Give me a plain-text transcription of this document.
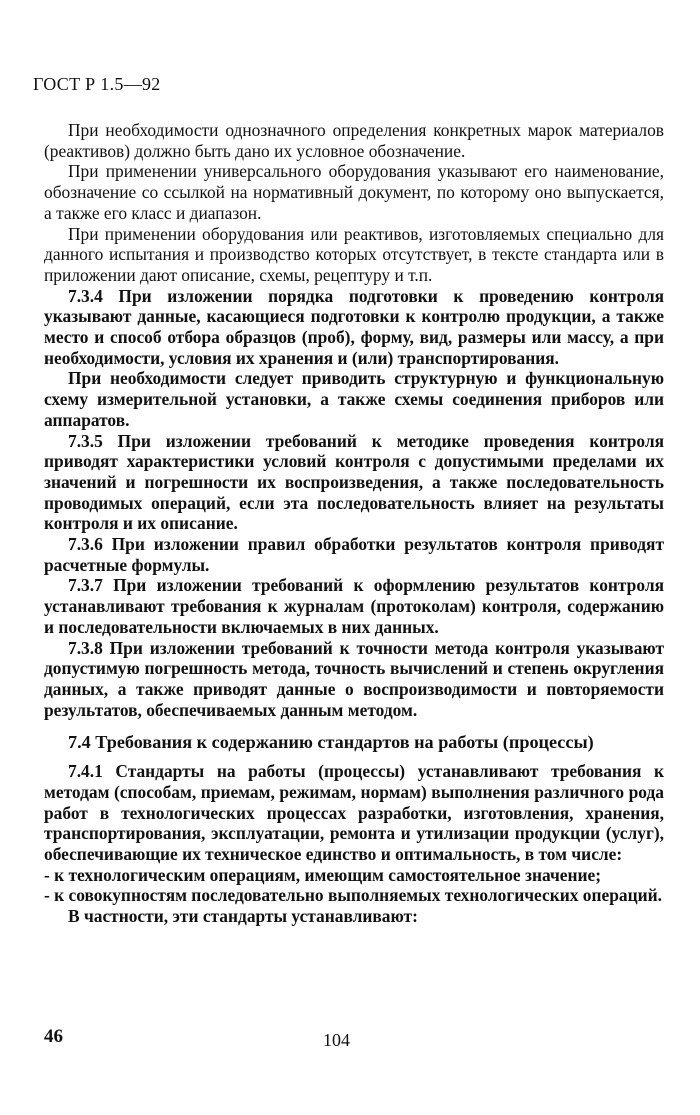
ГОСТ Р 1.5—92

При необходимости однозначного определения конкретных марок материалов (реактивов) должно быть дано их условное обозначение.

При применении универсального оборудования указывают его наименование, обозначение со ссылкой на нормативный документ, по которому оно выпускается, а также его класс и диапазон.

При применении оборудования или реактивов, изготовляемых специально для данного испытания и производство которых отсутствует, в тексте стандарта или в приложении дают описание, схемы, рецептуру и т.п.

7.3.4 При изложении порядка подготовки к проведению контроля указывают данные, касающиеся подготовки к контролю продукции, а также место и способ отбора образцов (проб), форму, вид, размеры или массу, а при необходимости, условия их хранения и (или) транспортирования.

При необходимости следует приводить структурную и функциональную схему измерительной установки, а также схемы соединения приборов или аппаратов.

7.3.5 При изложении требований к методике проведения контроля приводят характеристики условий контроля с допустимыми пределами их значений и погрешности их воспроизведения, а также последовательность проводимых операций, если эта последовательность влияет на результаты контроля и их описание.

7.3.6 При изложении правил обработки результатов контроля приводят расчетные формулы.

7.3.7 При изложении требований к оформлению результатов контроля устанавливают требования к журналам (протоколам) контроля, содержанию и последовательности включаемых в них данных.

7.3.8 При изложении требований к точности метода контроля указывают допустимую погрешность метода, точность вычислений и степень округления данных, а также приводят данные о воспроизводимости и повторяемости результатов, обеспечиваемых данным методом.

7.4 Требования к содержанию стандартов на работы (процессы)

7.4.1 Стандарты на работы (процессы) устанавливают требования к методам (способам, приемам, режимам, нормам) выполнения различного рода работ в технологических процессах разработки, изготовления, хранения, транспортирования, эксплуатации, ремонта и утилизации продукции (услуг), обеспечивающие их техническое единство и оптимальность, в том числе:

- к технологическим операциям, имеющим самостоятельное значение;

- к совокупностям последовательно выполняемых технологических операций.

В частности, эти стандарты устанавливают:

46	104
